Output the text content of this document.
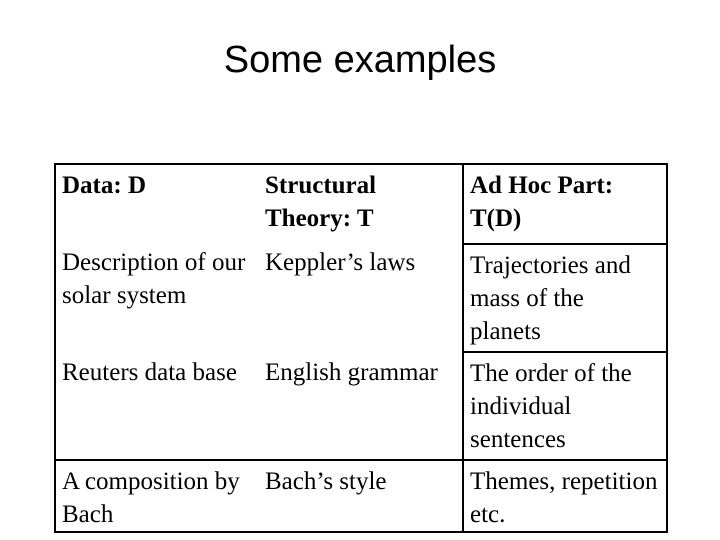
Some examples
Data: D	Structural Theory: T	Ad Hoc Part: T(D)
Description of our solar system	Keppler’s laws	Trajectories and mass of the planets
Reuters data base	English grammar	The order of the individual sentences
A composition by Bach	Bach’s style	Themes, repetition etc.
